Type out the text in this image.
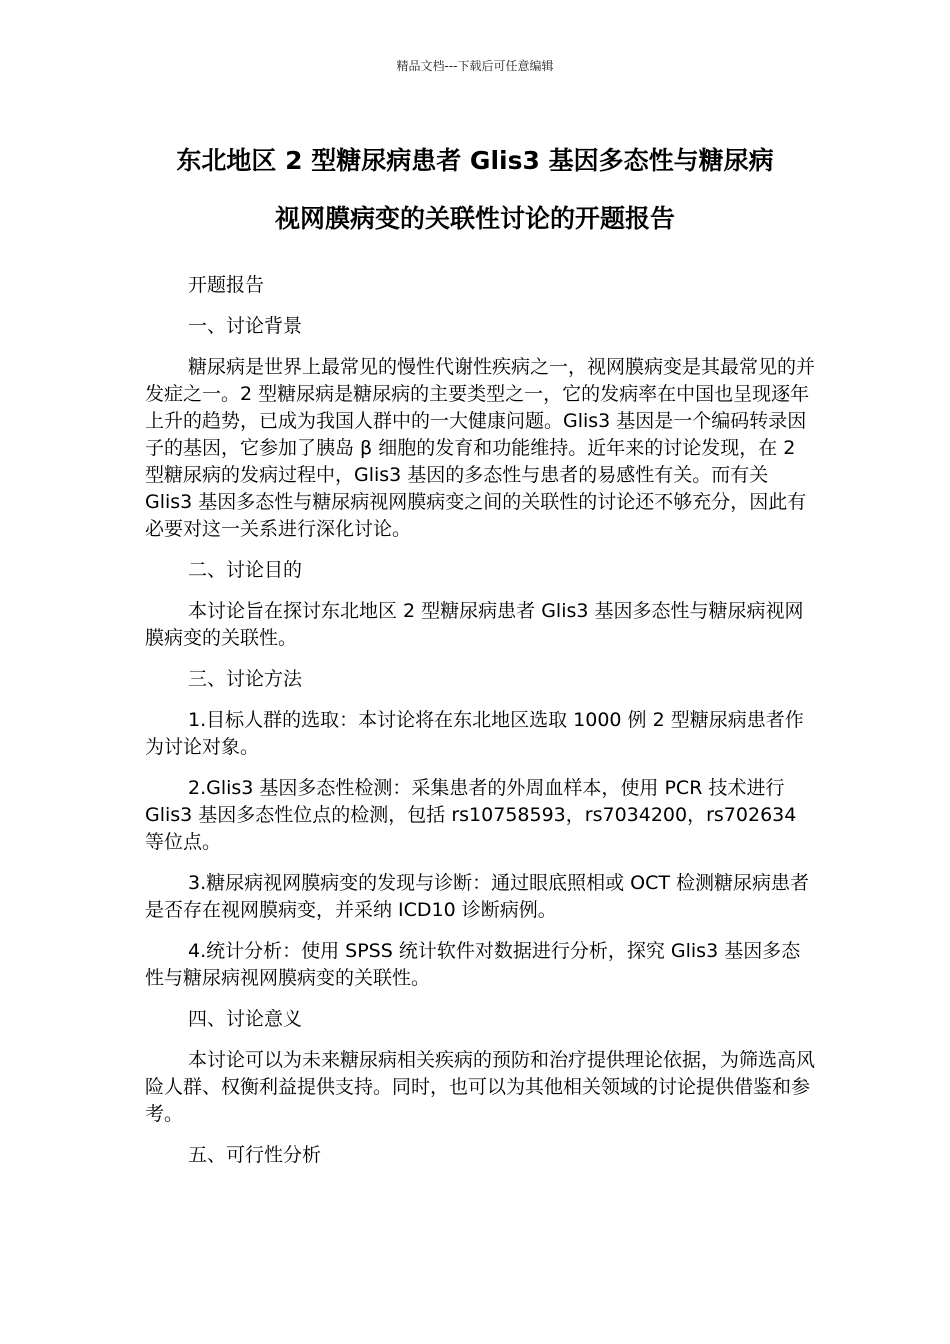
精品文档---下载后可任意编辑
东北地区 2 型糖尿病患者 Glis3 基因多态性与糖尿病
视网膜病变的关联性讨论的开题报告

开题报告

一、讨论背景

糖尿病是世界上最常见的慢性代谢性疾病之一，视网膜病变是其最常见的并发症之一。2 型糖尿病是糖尿病的主要类型之一，它的发病率在中国也呈现逐年上升的趋势，已成为我国人群中的一大健康问题。Glis3 基因是一个编码转录因子的基因，它参加了胰岛 β 细胞的发育和功能维持。近年来的讨论发现，在 2 型糖尿病的发病过程中，Glis3 基因的多态性与患者的易感性有关。而有关 Glis3 基因多态性与糖尿病视网膜病变之间的关联性的讨论还不够充分，因此有必要对这一关系进行深化讨论。

二、讨论目的

本讨论旨在探讨东北地区 2 型糖尿病患者 Glis3 基因多态性与糖尿病视网膜病变的关联性。

三、讨论方法

1.目标人群的选取：本讨论将在东北地区选取 1000 例 2 型糖尿病患者作为讨论对象。

2.Glis3 基因多态性检测：采集患者的外周血样本，使用 PCR 技术进行 Glis3 基因多态性位点的检测，包括 rs10758593，rs7034200，rs702634 等位点。

3.糖尿病视网膜病变的发现与诊断：通过眼底照相或 OCT 检测糖尿病患者是否存在视网膜病变，并采纳 ICD10 诊断病例。

4.统计分析：使用 SPSS 统计软件对数据进行分析，探究 Glis3 基因多态性与糖尿病视网膜病变的关联性。

四、讨论意义

本讨论可以为未来糖尿病相关疾病的预防和治疗提供理论依据，为筛选高风险人群、权衡利益提供支持。同时，也可以为其他相关领域的讨论提供借鉴和参考。

五、可行性分析
